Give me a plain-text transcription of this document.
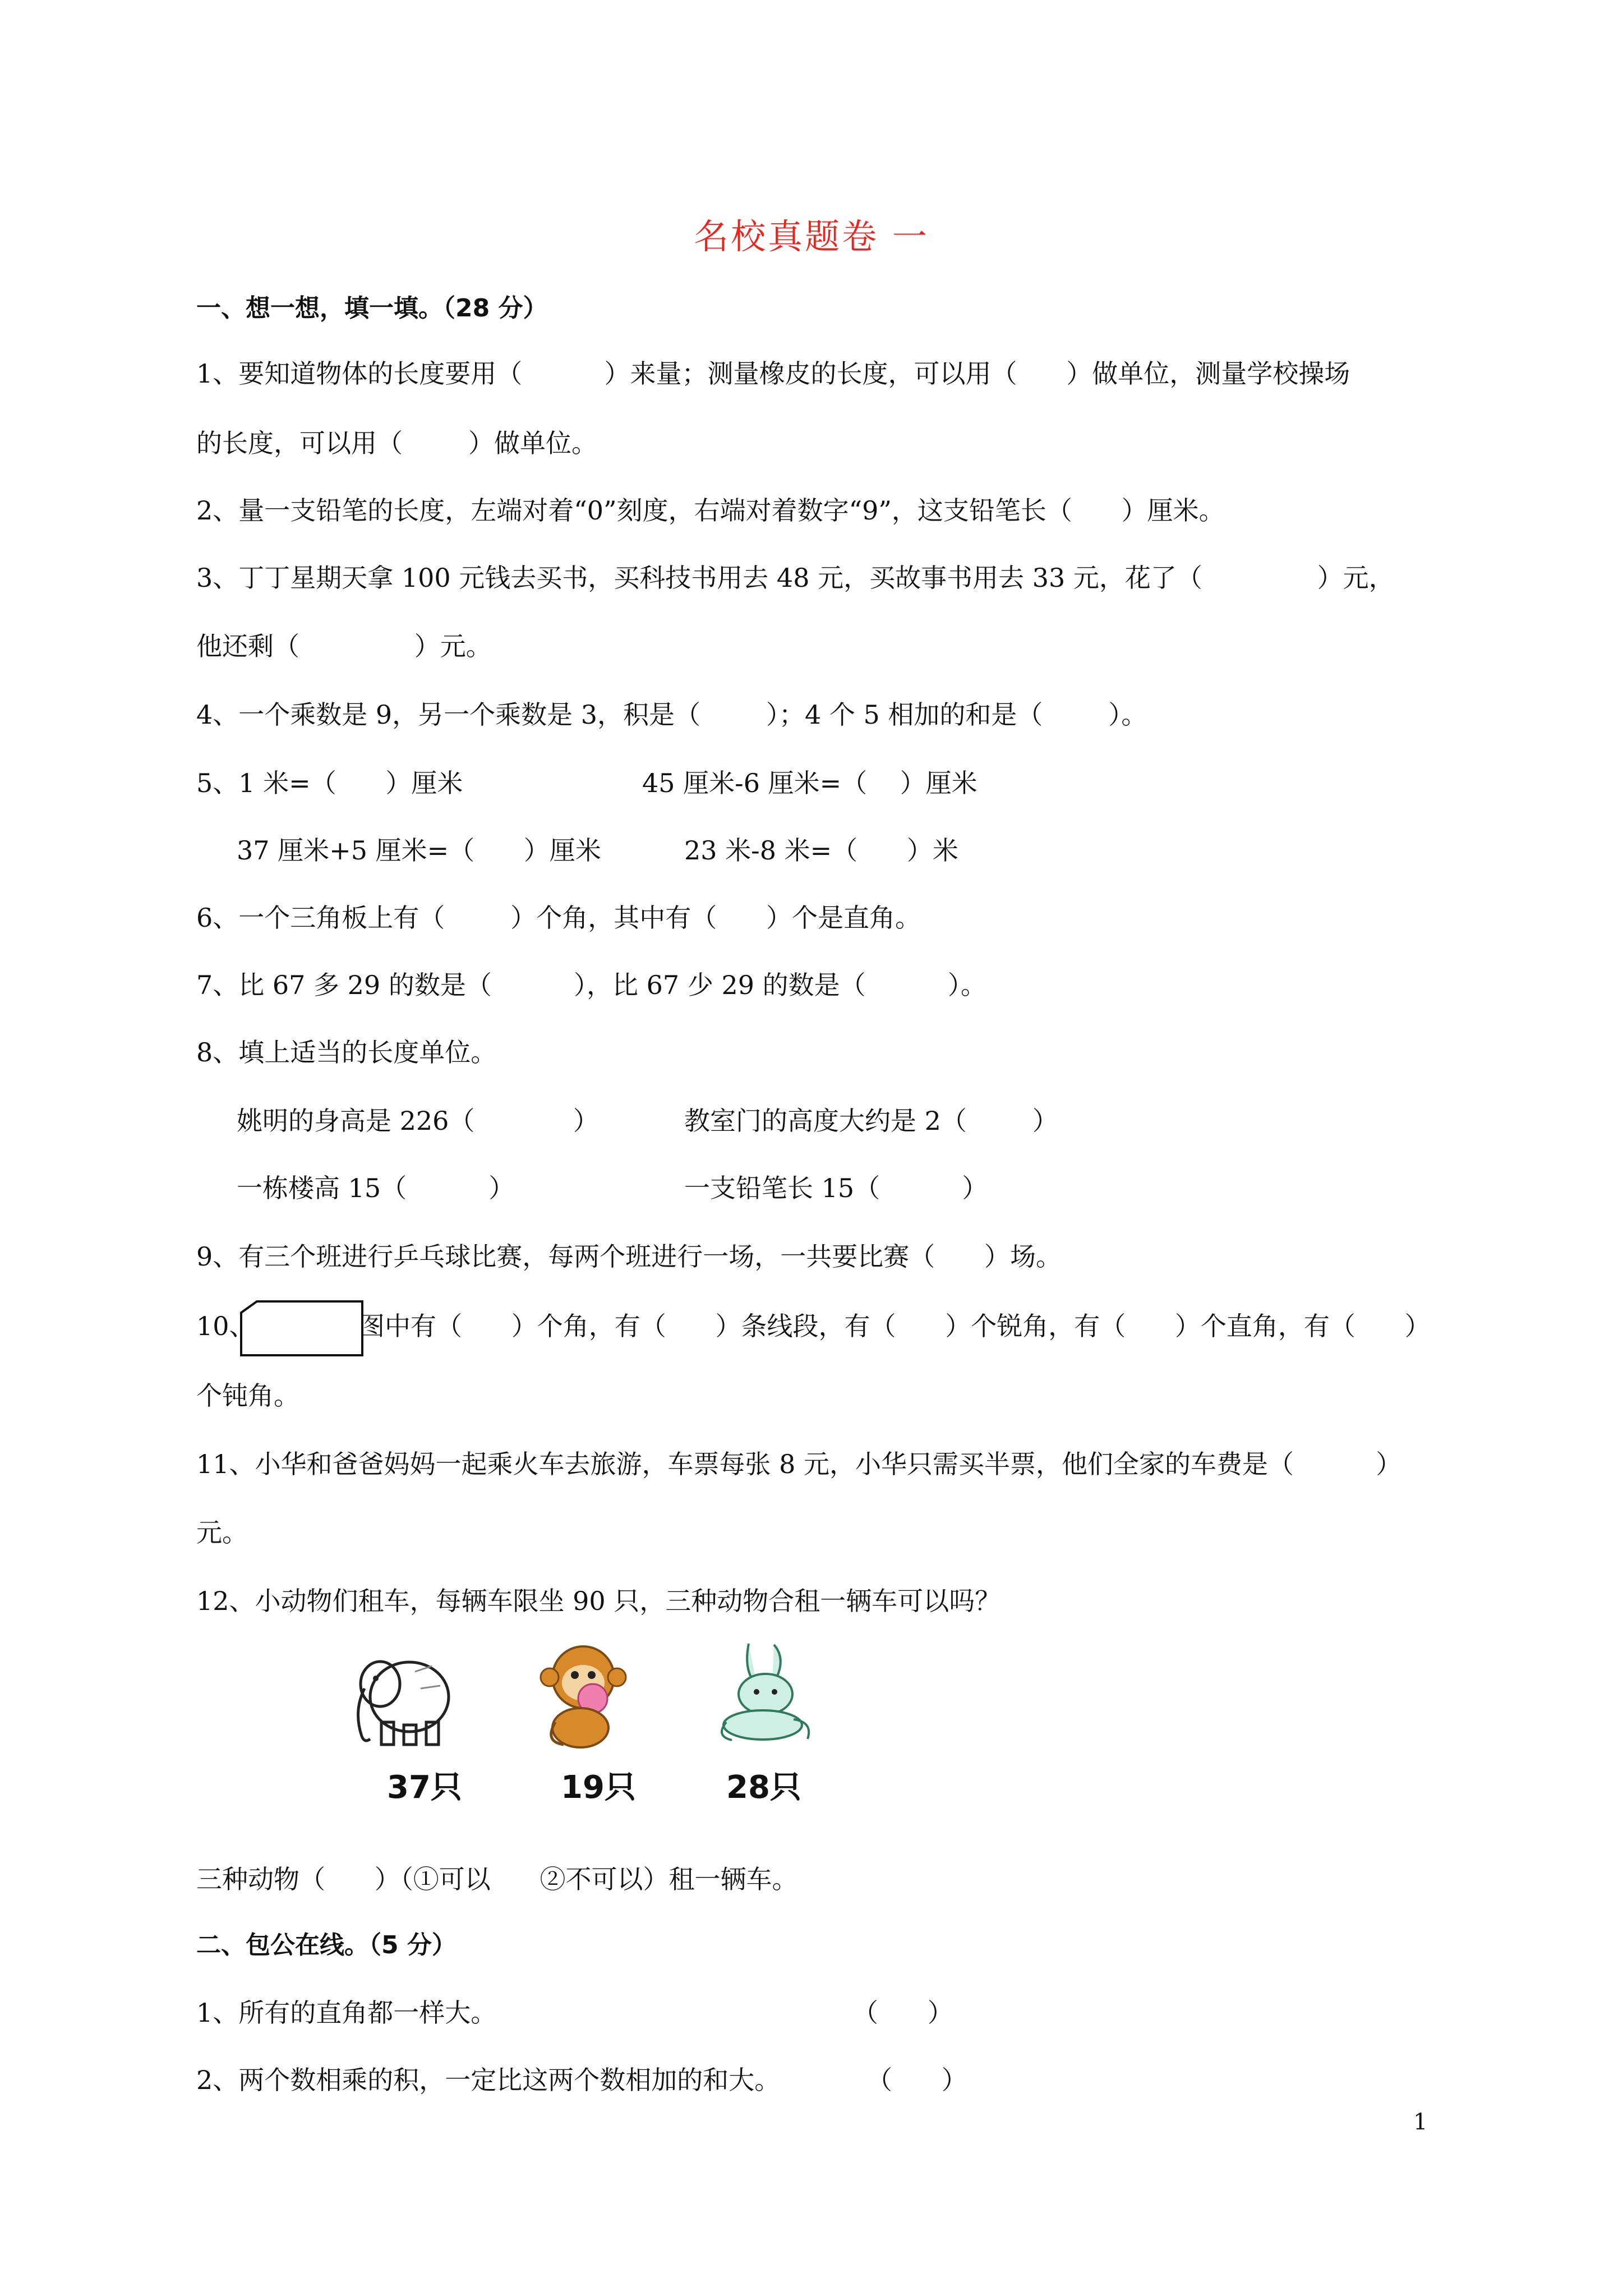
名校真题卷 一
一、想一想，填一填。（28 分）
1、要知道物体的长度要用（          ）来量；测量橡皮的长度，可以用（      ）做单位，测量学校操场
的长度，可以用（        ）做单位。
2、量一支铅笔的长度，左端对着“0”刻度，右端对着数字“9”，这支铅笔长（      ）厘米。
3、丁丁星期天拿 100 元钱去买书，买科技书用去 48 元，买故事书用去 33 元，花了（              ）元，
他还剩（              ）元。
4、一个乘数是 9，另一个乘数是 3，积是（        ）；4 个 5 相加的和是（        ）。
5、1 米=（      ）厘米	45 厘米-6 厘米=（    ）厘米
37 厘米+5 厘米=（      ）厘米	23 米-8 米=（      ）米
6、一个三角板上有（        ）个角，其中有（      ）个是直角。
7、比 67 多 29 的数是（          ），比 67 少 29 的数是（          ）。
8、填上适当的长度单位。
姚明的身高是 226（            ）	教室门的高度大约是 2（        ）
一栋楼高 15（          ）	一支铅笔长 15（          ）
9、有三个班进行乒乓球比赛，每两个班进行一场，一共要比赛（      ）场。
10、	图中有（      ）个角，有（      ）条线段，有（      ）个锐角，有（      ）个直角，有（      ）
个钝角。
11、小华和爸爸妈妈一起乘火车去旅游，车票每张 8 元，小华只需买半票，他们全家的车费是（          ）
元。
12、小动物们租车，每辆车限坐 90 只，三种动物合租一辆车可以吗？
37只	19只	28只
三种动物（      ）（①可以      ②不可以）租一辆车。
二、包公在线。（5 分）
1、所有的直角都一样大。	（      ）
2、两个数相乘的积，一定比这两个数相加的和大。	（      ）
1
